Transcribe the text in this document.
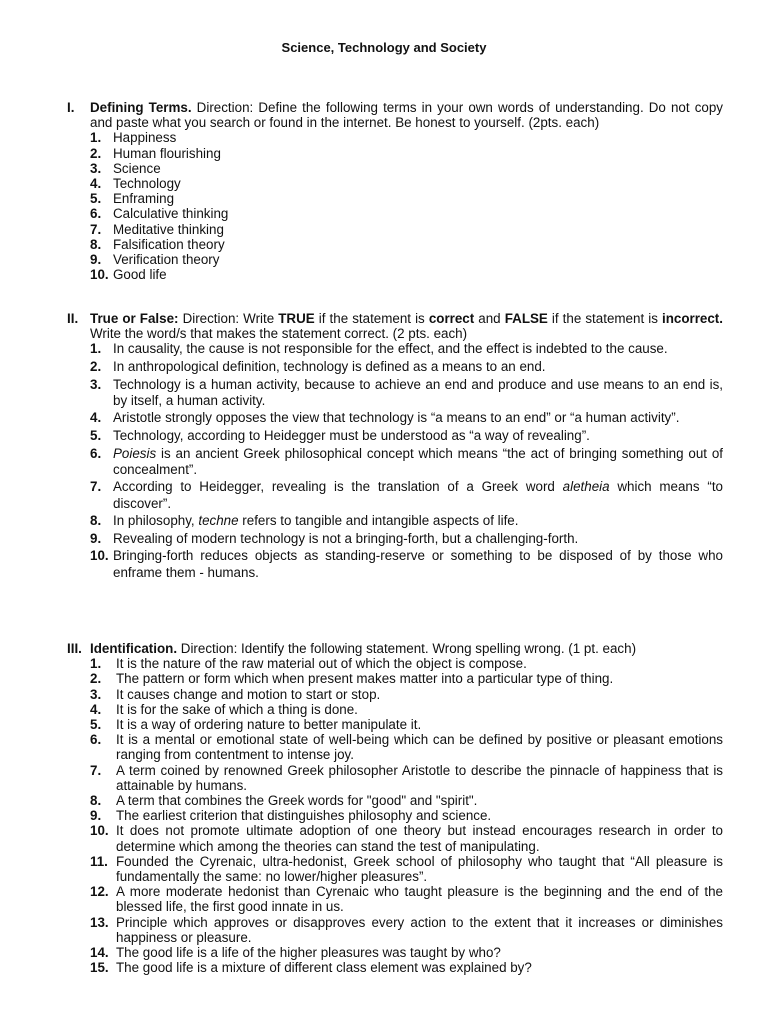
Science, Technology and Society
I. Defining Terms. Direction: Define the following terms in your own words of understanding. Do not copy and paste what you search or found in the internet. Be honest to yourself. (2pts. each)
1. Happiness
2. Human flourishing
3. Science
4. Technology
5. Enframing
6. Calculative thinking
7. Meditative thinking
8. Falsification theory
9. Verification theory
10. Good life
II. True or False: Direction: Write TRUE if the statement is correct and FALSE if the statement is incorrect. Write the word/s that makes the statement correct. (2 pts. each)
1. In causality, the cause is not responsible for the effect, and the effect is indebted to the cause.
2. In anthropological definition, technology is defined as a means to an end.
3. Technology is a human activity, because to achieve an end and produce and use means to an end is, by itself, a human activity.
4. Aristotle strongly opposes the view that technology is “a means to an end” or “a human activity”.
5. Technology, according to Heidegger must be understood as “a way of revealing”.
6. Poiesis is an ancient Greek philosophical concept which means “the act of bringing something out of concealment”.
7. According to Heidegger, revealing is the translation of a Greek word aletheia which means “to discover”.
8. In philosophy, techne refers to tangible and intangible aspects of life.
9. Revealing of modern technology is not a bringing-forth, but a challenging-forth.
10. Bringing-forth reduces objects as standing-reserve or something to be disposed of by those who enframe them - humans.
III. Identification. Direction: Identify the following statement. Wrong spelling wrong. (1 pt. each)
1. It is the nature of the raw material out of which the object is compose.
2. The pattern or form which when present makes matter into a particular type of thing.
3. It causes change and motion to start or stop.
4. It is for the sake of which a thing is done.
5. It is a way of ordering nature to better manipulate it.
6. It is a mental or emotional state of well-being which can be defined by positive or pleasant emotions ranging from contentment to intense joy.
7. A term coined by renowned Greek philosopher Aristotle to describe the pinnacle of happiness that is attainable by humans.
8. A term that combines the Greek words for "good" and "spirit".
9. The earliest criterion that distinguishes philosophy and science.
10. It does not promote ultimate adoption of one theory but instead encourages research in order to determine which among the theories can stand the test of manipulating.
11. Founded the Cyrenaic, ultra-hedonist, Greek school of philosophy who taught that “All pleasure is fundamentally the same: no lower/higher pleasures”.
12. A more moderate hedonist than Cyrenaic who taught pleasure is the beginning and the end of the blessed life, the first good innate in us.
13. Principle which approves or disapproves every action to the extent that it increases or diminishes happiness or pleasure.
14. The good life is a life of the higher pleasures was taught by who?
15. The good life is a mixture of different class element was explained by?
